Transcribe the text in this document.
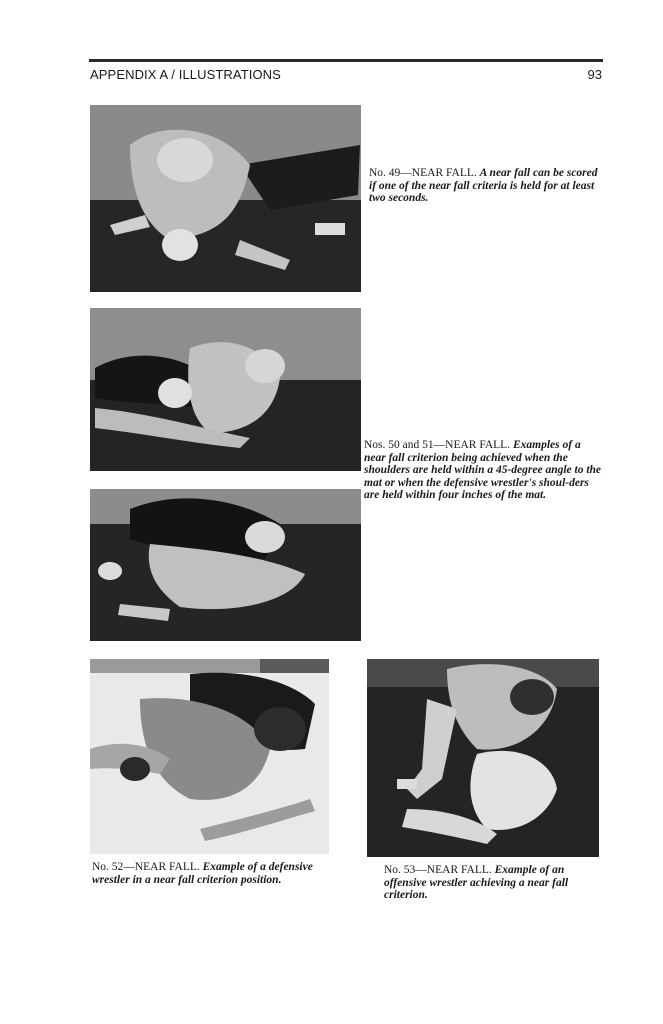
APPENDIX A / ILLUSTRATIONS	93
No. 49—NEAR FALL. A near fall can be scored if one of the near fall criteria is held for at least two seconds.
Nos. 50 and 51—NEAR FALL. Examples of a near fall criterion being achieved when the shoulders are held within a 45-degree angle to the mat or when the defensive wrestler's shoul-ders are held within four inches of the mat.
No. 52—NEAR FALL. Example of a defensive wrestler in a near fall criterion position.
No. 53—NEAR FALL. Example of an offensive wrestler achieving a near fall criterion.
